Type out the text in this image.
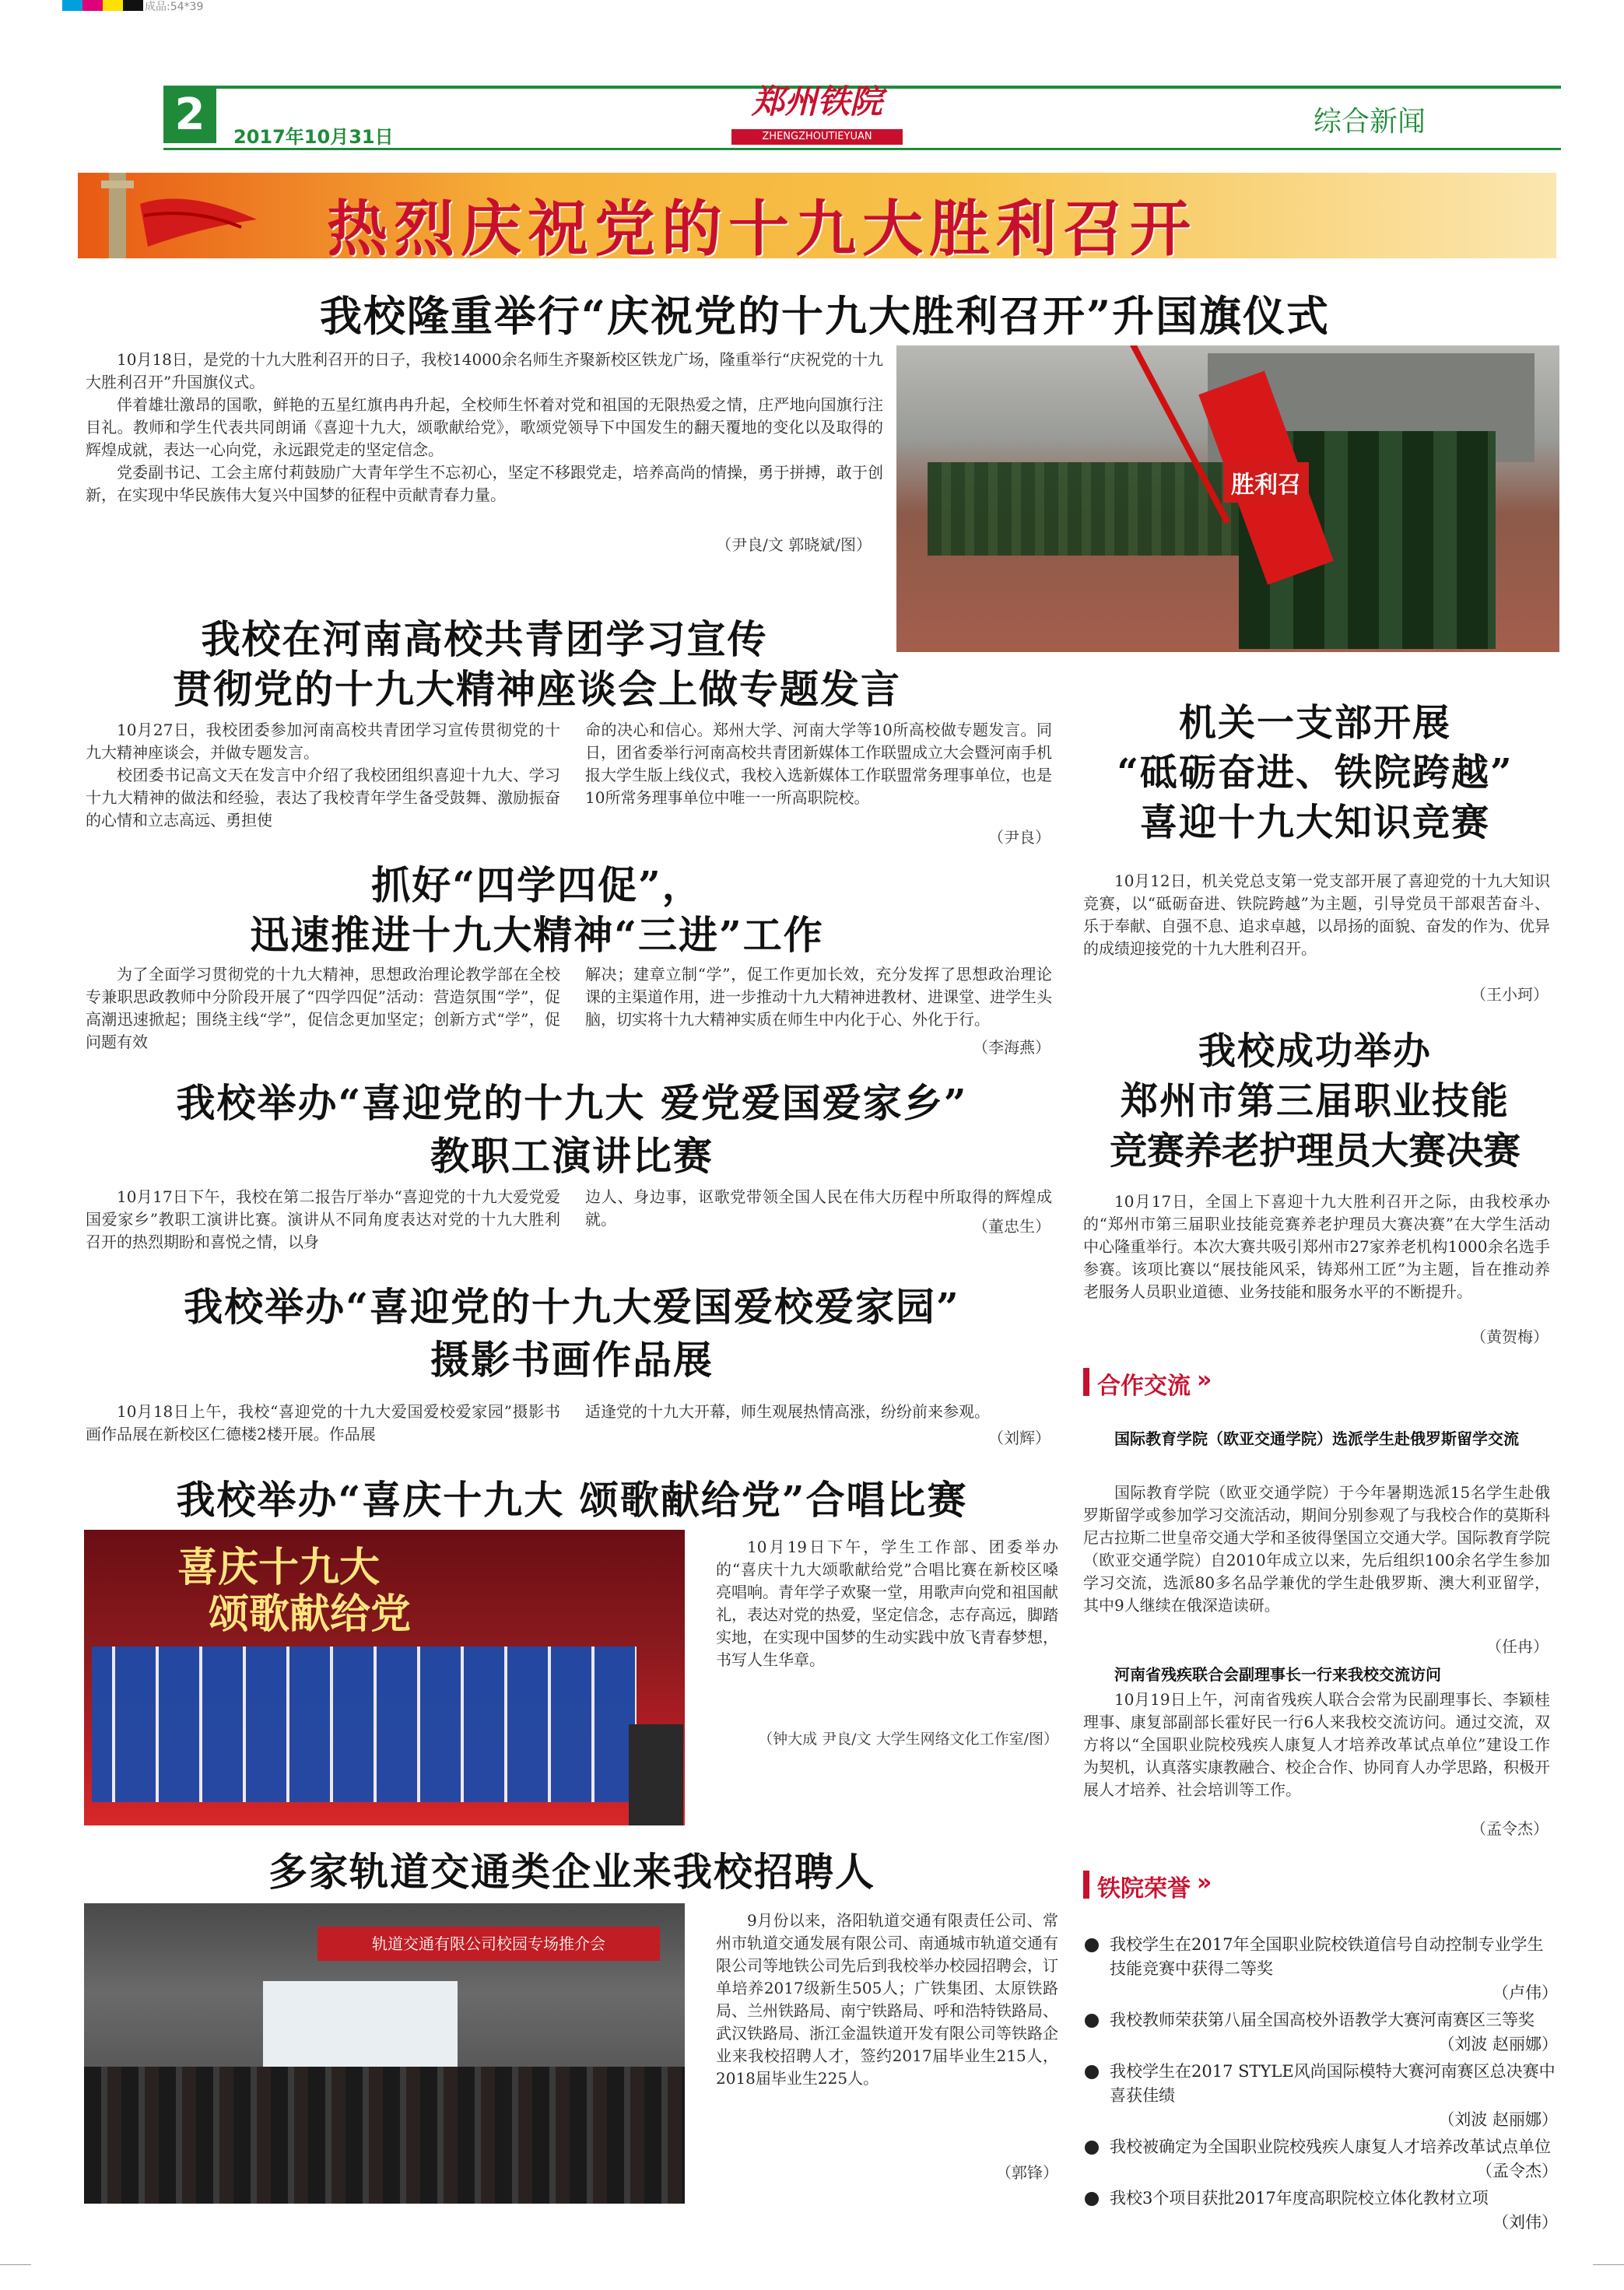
成品:54*39
2	2017年10月31日
郑州铁院
ZHENGZHOUTIEYUAN	综合新闻
热烈庆祝党的十九大胜利召开
我校隆重举行“庆祝党的十九大胜利召开”升国旗仪式

10月18日，是党的十九大胜利召开的日子，我校14000余名师生齐聚新校区铁龙广场，隆重举行“庆祝党的十九大胜利召开”升国旗仪式。

伴着雄壮激昂的国歌，鲜艳的五星红旗冉冉升起，全校师生怀着对党和祖国的无限热爱之情，庄严地向国旗行注目礼。教师和学生代表共同朗诵《喜迎十九大，颂歌献给党》，歌颂党领导下中国发生的翻天覆地的变化以及取得的辉煌成就，表达一心向党，永远跟党走的坚定信念。

党委副书记、工会主席付莉鼓励广大青年学生不忘初心，坚定不移跟党走，培养高尚的情操，勇于拼搏，敢于创新，在实现中华民族伟大复兴中国梦的征程中贡献青春力量。

（尹良/文 郭晓斌/图）
胜利召
我校在河南高校共青团学习宣传
贯彻党的十九大精神座谈会上做专题发言

10月27日，我校团委参加河南高校共青团学习宣传贯彻党的十九大精神座谈会，并做专题发言。

校团委书记高文天在发言中介绍了我校团组织喜迎十九大、学习十九大精神的做法和经验，表达了我校青年学生备受鼓舞、激励振奋的心情和立志高远、勇担使

命的决心和信心。郑州大学、河南大学等10所高校做专题发言。同日，团省委举行河南高校共青团新媒体工作联盟成立大会暨河南手机报大学生版上线仪式，我校入选新媒体工作联盟常务理事单位，也是10所常务理事单位中唯一一所高职院校。

（尹良）
抓好“四学四促”，
迅速推进十九大精神“三进”工作

为了全面学习贯彻党的十九大精神，思想政治理论教学部在全校专兼职思政教师中分阶段开展了“四学四促”活动：营造氛围“学”，促高潮迅速掀起；围绕主线“学”，促信念更加坚定；创新方式“学”，促问题有效

解决；建章立制“学”，促工作更加长效，充分发挥了思想政治理论课的主渠道作用，进一步推动十九大精神进教材、进课堂、进学生头脑，切实将十九大精神实质在师生中内化于心、外化于行。

（李海燕）
我校举办“喜迎党的十九大 爱党爱国爱家乡”
教职工演讲比赛

10月17日下午，我校在第二报告厅举办“喜迎党的十九大爱党爱国爱家乡”教职工演讲比赛。演讲从不同角度表达对党的十九大胜利召开的热烈期盼和喜悦之情，以身

边人、身边事，讴歌党带领全国人民在伟大历程中所取得的辉煌成就。	（董忠生）
我校举办“喜迎党的十九大爱国爱校爱家园”
摄影书画作品展

10月18日上午，我校“喜迎党的十九大爱国爱校爱家园”摄影书画作品展在新校区仁德楼2楼开展。作品展

适逢党的十九大开幕，师生观展热情高涨，纷纷前来参观。

（刘辉）
我校举办“喜庆十九大 颂歌献给党”合唱比赛
喜庆十九大
颂歌献给党

10月19日下午，学生工作部、团委举办的“喜庆十九大颂歌献给党”合唱比赛在新校区嗓亮唱响。青年学子欢聚一堂，用歌声向党和祖国献礼，表达对党的热爱，坚定信念，志存高远，脚踏实地，在实现中国梦的生动实践中放飞青春梦想，书写人生华章。

（钟大成 尹良/文 大学生网络文化工作室/图）
多家轨道交通类企业来我校招聘人
轨道交通有限公司校园专场推介会

9月份以来，洛阳轨道交通有限责任公司、常州市轨道交通发展有限公司、南通城市轨道交通有限公司等地铁公司先后到我校举办校园招聘会，订单培养2017级新生505人；广铁集团、太原铁路局、兰州铁路局、南宁铁路局、呼和浩特铁路局、武汉铁路局、浙江金温铁道开发有限公司等铁路企业来我校招聘人才，签约2017届毕业生215人，2018届毕业生225人。

（郭锋）
机关一支部开展
“砥砺奋进、铁院跨越”
喜迎十九大知识竞赛

10月12日，机关党总支第一党支部开展了喜迎党的十九大知识竞赛，以“砥砺奋进、铁院跨越”为主题，引导党员干部艰苦奋斗、乐于奉献、自强不息、追求卓越，以昂扬的面貌、奋发的作为、优异的成绩迎接党的十九大胜利召开。

（王小珂）
我校成功举办
郑州市第三届职业技能
竞赛养老护理员大赛决赛

10月17日，全国上下喜迎十九大胜利召开之际，由我校承办的“郑州市第三届职业技能竞赛养老护理员大赛决赛”在大学生活动中心隆重举行。本次大赛共吸引郑州市27家养老机构1000余名选手参赛。该项比赛以“展技能风采，铸郑州工匠”为主题，旨在推动养老服务人员职业道德、业务技能和服务水平的不断提升。

（黄贺梅）
合作交流 »
国际教育学院（欧亚交通学院）选派学生赴俄罗斯留学交流

国际教育学院（欧亚交通学院）于今年暑期选派15名学生赴俄罗斯留学或参加学习交流活动，期间分别参观了与我校合作的莫斯科尼古拉斯二世皇帝交通大学和圣彼得堡国立交通大学。国际教育学院（欧亚交通学院）自2010年成立以来，先后组织100余名学生参加学习交流，选派80多名品学兼优的学生赴俄罗斯、澳大利亚留学，其中9人继续在俄深造读研。

（任冉）
河南省残疾联合会副理事长一行来我校交流访问

10月19日上午，河南省残疾人联合会常为民副理事长、李颖桂理事、康复部副部长霍好民一行6人来我校交流访问。通过交流，双方将以“全国职业院校残疾人康复人才培养改革试点单位”建设工作为契机，认真落实康教融合、校企合作、协同育人办学思路，积极开展人才培养、社会培训等工作。

（孟令杰）
铁院荣誉 »
我校学生在2017年全国职业院校铁道信号自动控制专业学生技能竞赛中获得二等奖
（卢伟）
我校教师荣获第八届全国高校外语教学大赛河南赛区三等奖
（刘波 赵丽娜）
我校学生在2017 STYLE风尚国际模特大赛河南赛区总决赛中喜获佳绩
（刘波 赵丽娜）
我校被确定为全国职业院校残疾人康复人才培养改革试点单位
（孟令杰）
我校3个项目获批2017年度高职院校立体化教材立项
（刘伟）
